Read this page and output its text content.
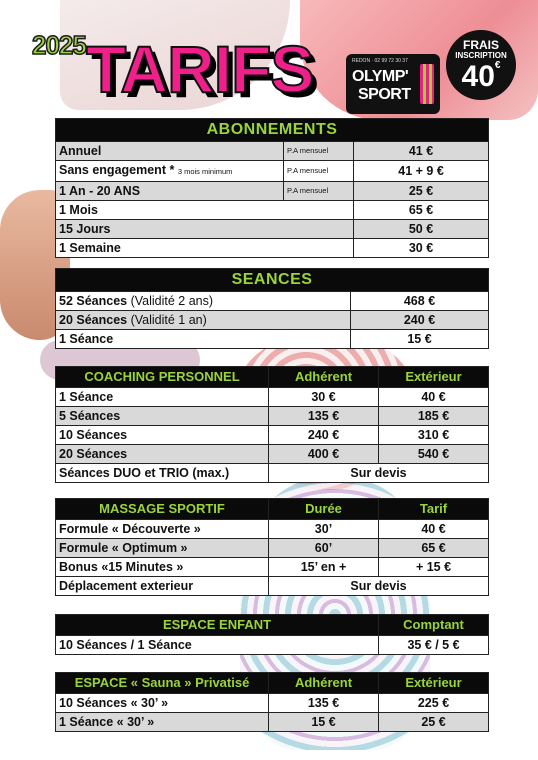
2025 TARIFS	REDON · 02 99 72 30 37
OLYMP'
SPORT
FRAIS
INSCRIPTION
40€
ABONNEMENTS		
Annuel	P.A mensuel	41 €
Sans engagement * 3 mois minimum	P.A mensuel	41 + 9 €
1 An - 20 ANS	P.A mensuel	25 €
1 Mois		65 €
15 Jours		50 €
1 Semaine		30 €
SEANCES	
52 Séances (Validité 2 ans)	468 €
20 Séances (Validité 1 an)	240 €
1 Séance	15 €
COACHING PERSONNEL	Adhérent	Extérieur
1 Séance	30 €	40 €
5 Séances	135 €	185 €
10 Séances	240 €	310 €
20 Séances	400 €	540 €
Séances DUO et TRIO (max.)	Sur devis	
MASSAGE SPORTIF	Durée	Tarif
Formule « Découverte »	30’	40 €
Formule « Optimum »	60’	65 €
Bonus «15 Minutes »	15’ en +	+ 15 €
Déplacement exterieur	Sur devis	
ESPACE ENFANT	Comptant
10 Séances / 1 Séance	35 € / 5 €
ESPACE « Sauna » Privatisé	Adhérent	Extérieur
10 Séances « 30’ »	135 €	225 €
1 Séance « 30’ »	15 €	25 €
